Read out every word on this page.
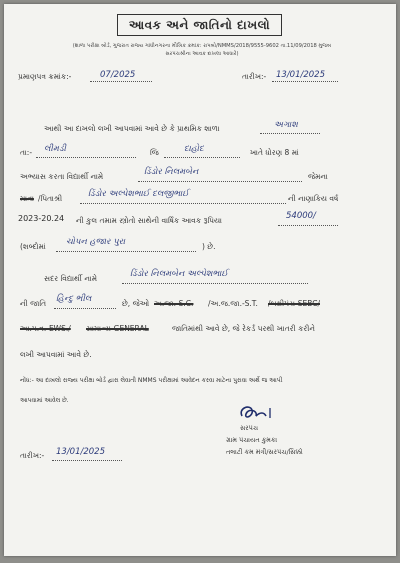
આવક અને જાતિનો દાખલો
(શાળા પરીક્ષા બોર્ડ, ગુજરાત રાજ્ય ગાંધીનગરના મૌખિક ક્રમાંક: રાપબો/NMMS/2018/9555-9602 તા.11/09/2018 મુજબ
સરપંચશ્રીના આવક દાખલા આધારે)
પ્રમાણપત્ર ક્રમાંક:-	07/2025	તારીખ:- 13/01/2025
આથી આ દાખલો લખી આપવામાં આવે છે કે પ્રાથમિક શાળા	અગાશ
તા:- લીમડી	જિ	દાહોદ	ખાતે ધોરણ 8 માં
અભ્યાસ કરતા વિદ્યાર્થી નામે	ડિંડોર નિલમબેન	જેમના
માતા /પિતાશ્રી	ડિંડોર અલ્પેશભાઈ દલજીભાઈ	ની નાણાકિય વર્ષ
2023-20.24 ની કુલ તમામ સ્ત્રોતો સાથેની વાર્ષિક આવક રૂપિયા	54000/
(શબ્દોમાં ચોપન હજાર પુરા	) છે.
સદર વિદ્યાર્થી નામે	ડિંડોર નિલમબેન અલ્પેશભાઈ
ની જાતિ હિન્દુ ભીલ	છે, જેઓ અ.જા.-S.C. /અ.જ.જા.-S.T. /બક્ષીપંચ-SEBC/
આ.પ.વ.-EWS./ સામાન્ય-GENERAL	જાતિમાંથી આવે છે, જે રેકર્ડ પરથી ખાતરી કરીને
લખી આપવામાં આવે છે.
નોંધ:- આ દાખલો રાજ્ય પરીક્ષા બોર્ડ દ્વારા લેવાતી NMMS પરીક્ષામાં આવેદન કરવા માટેના પુરાવા અર્થે જ આપી
આપવામાં આવેલ છે.
સરપંચ
ગ્રામ પંચાયત કુમકા
તલાટી કમ મંત્રી/સરપંચ/સિક્કો
તારીખ:- 13/01/2025
